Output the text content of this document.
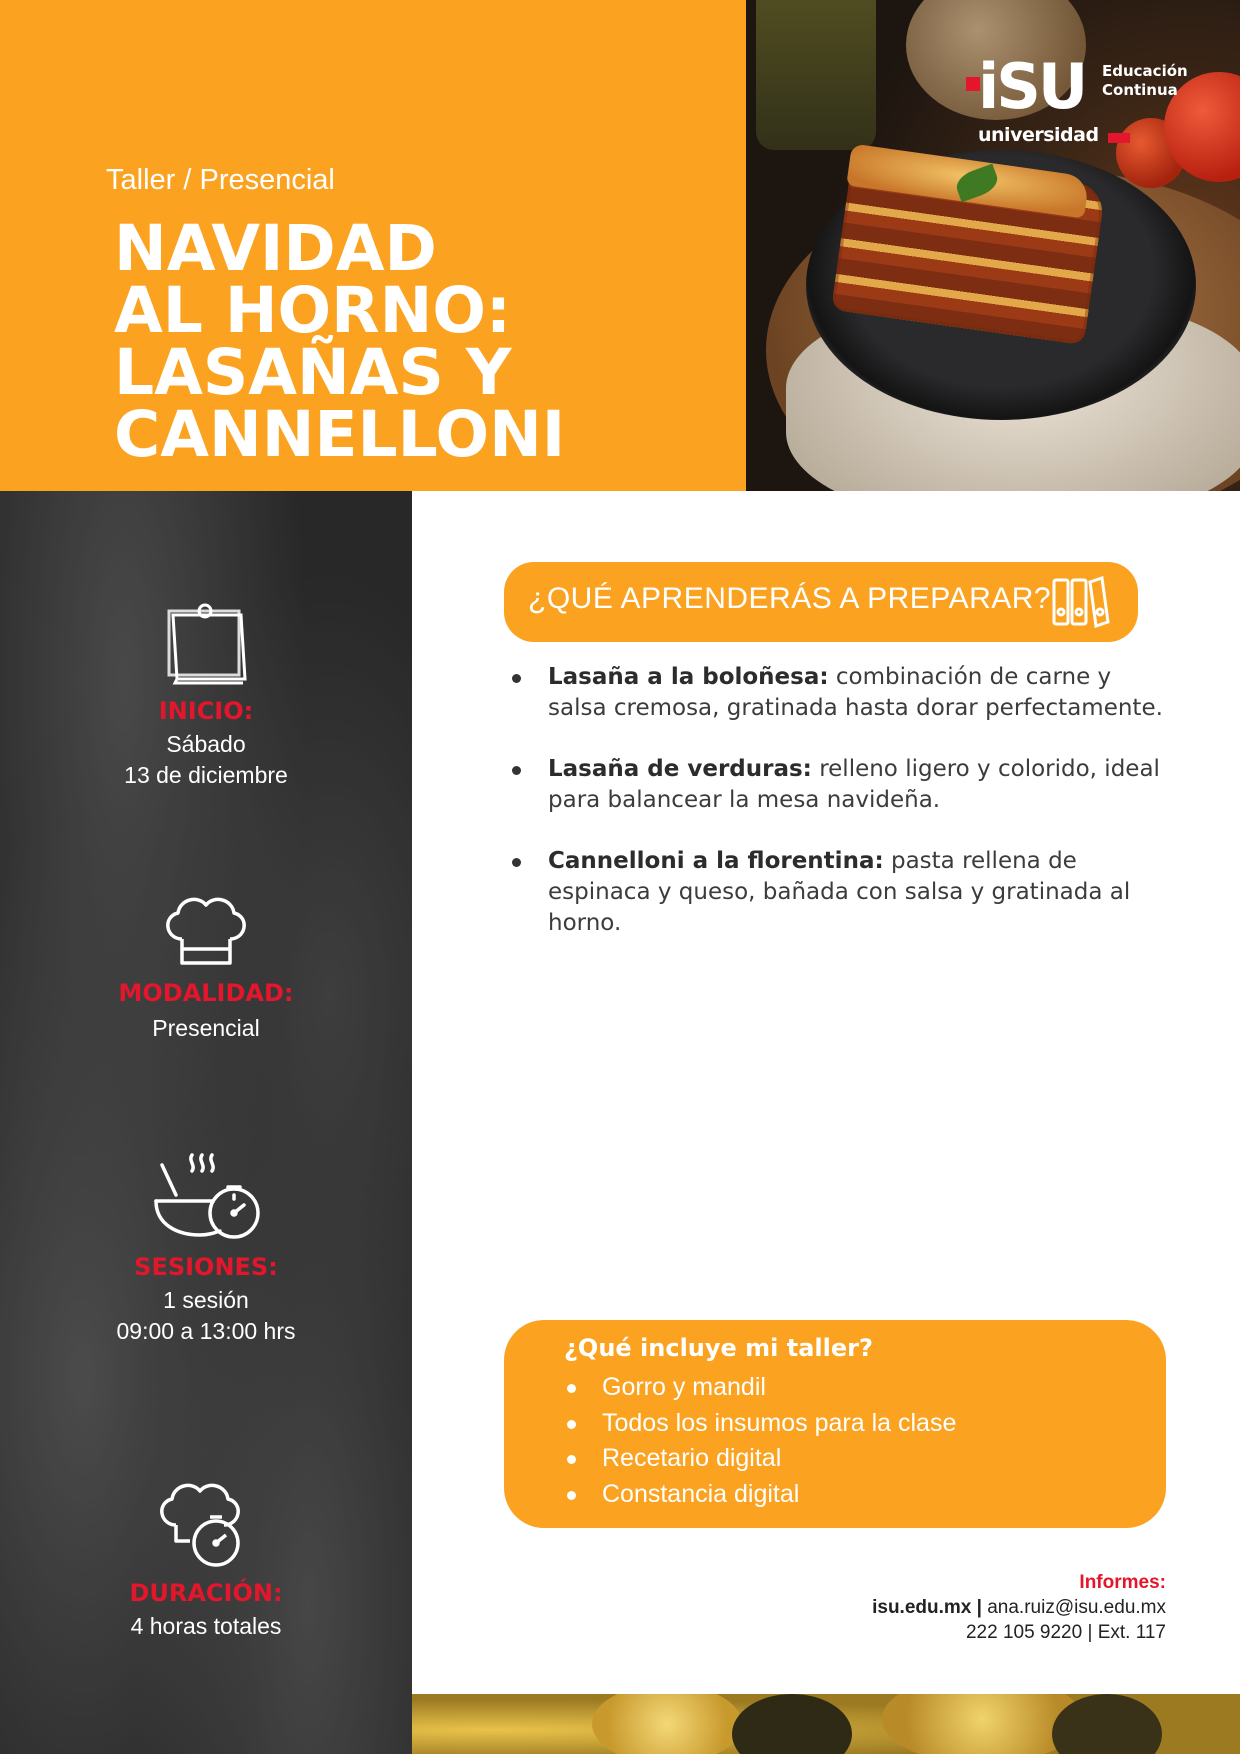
iSU
universidad
Educación Continua
Taller / Presencial
NAVIDAD
AL HORNO:
LASAÑAS Y
CANNELLONI
INICIO:
Sábado
13 de diciembre
MODALIDAD:
Presencial
SESIONES:
1 sesión
09:00 a 13:00 hrs
DURACIÓN:
4 horas totales
¿QUÉ APRENDERÁS A PREPARAR?
Lasaña a la boloñesa: combinación de carne y salsa cremosa, gratinada hasta dorar perfectamente.
Lasaña de verduras: relleno ligero y colorido, ideal para balancear la mesa navideña.
Cannelloni a la florentina: pasta rellena de espinaca y queso, bañada con salsa y gratinada al horno.
¿Qué incluye mi taller?
Gorro y mandil
Todos los insumos para la clase
Recetario digital
Constancia digital
Informes:
isu.edu.mx | ana.ruiz@isu.edu.mx
222 105 9220 | Ext. 117
